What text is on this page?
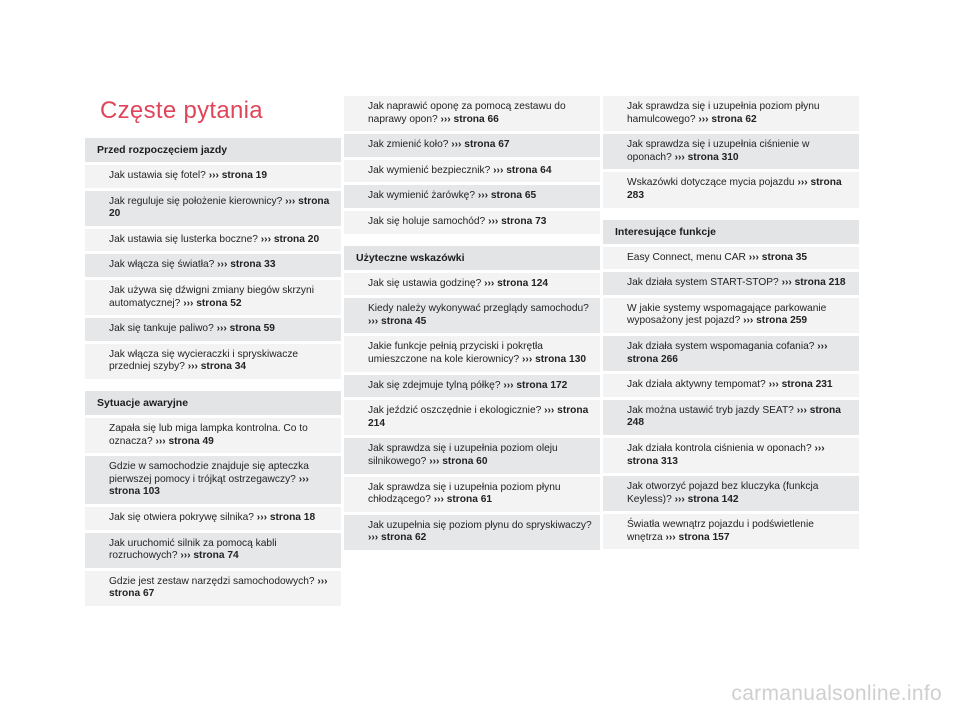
Częste pytania
Przed rozpoczęciem jazdy
Jak ustawia się fotel? ››› strona 19
Jak reguluje się położenie kierownicy? ››› strona 20
Jak ustawia się lusterka boczne? ››› strona 20
Jak włącza się światła? ››› strona 33
Jak używa się dźwigni zmiany biegów skrzyni automatycznej? ››› strona 52
Jak się tankuje paliwo? ››› strona 59
Jak włącza się wycieraczki i spryskiwacze przedniej szyby? ››› strona 34
Sytuacje awaryjne
Zapała się lub miga lampka kontrolna. Co to oznacza? ››› strona 49
Gdzie w samochodzie znajduje się apteczka pierwszej pomocy i trójkąt ostrzegawczy? ››› strona 103
Jak się otwiera pokrywę silnika? ››› strona 18
Jak uruchomić silnik za pomocą kabli rozruchowych? ››› strona 74
Gdzie jest zestaw narzędzi samochodowych? ››› strona 67
Jak naprawić oponę za pomocą zestawu do naprawy opon? ››› strona 66
Jak zmienić koło? ››› strona 67
Jak wymienić bezpiecznik? ››› strona 64
Jak wymienić żarówkę? ››› strona 65
Jak się holuje samochód? ››› strona 73
Użyteczne wskazówki
Jak się ustawia godzinę? ››› strona 124
Kiedy należy wykonywać przeglądy samochodu? ››› strona 45
Jakie funkcje pełnią przyciski i pokrętła umieszczone na kole kierownicy? ››› strona 130
Jak się zdejmuje tylną półkę? ››› strona 172
Jak jeździć oszczędnie i ekologicznie? ››› strona 214
Jak sprawdza się i uzupełnia poziom oleju silnikowego? ››› strona 60
Jak sprawdza się i uzupełnia poziom płynu chłodzącego? ››› strona 61
Jak uzupełnia się poziom płynu do spryskiwaczy? ››› strona 62
Jak sprawdza się i uzupełnia poziom płynu hamulcowego? ››› strona 62
Jak sprawdza się i uzupełnia ciśnienie w oponach? ››› strona 310
Wskazówki dotyczące mycia pojazdu ››› strona 283
Interesujące funkcje
Easy Connect, menu CAR ››› strona 35
Jak działa system START-STOP? ››› strona 218
W jakie systemy wspomagające parkowanie wyposażony jest pojazd? ››› strona 259
Jak działa system wspomagania cofania? ››› strona 266
Jak działa aktywny tempomat? ››› strona 231
Jak można ustawić tryb jazdy SEAT? ››› strona 248
Jak działa kontrola ciśnienia w oponach? ››› strona 313
Jak otworzyć pojazd bez kluczyka (funkcja Keyless)? ››› strona 142
Światła wewnątrz pojazdu i podświetlenie wnętrza ››› strona 157
carmanualsonline.info
